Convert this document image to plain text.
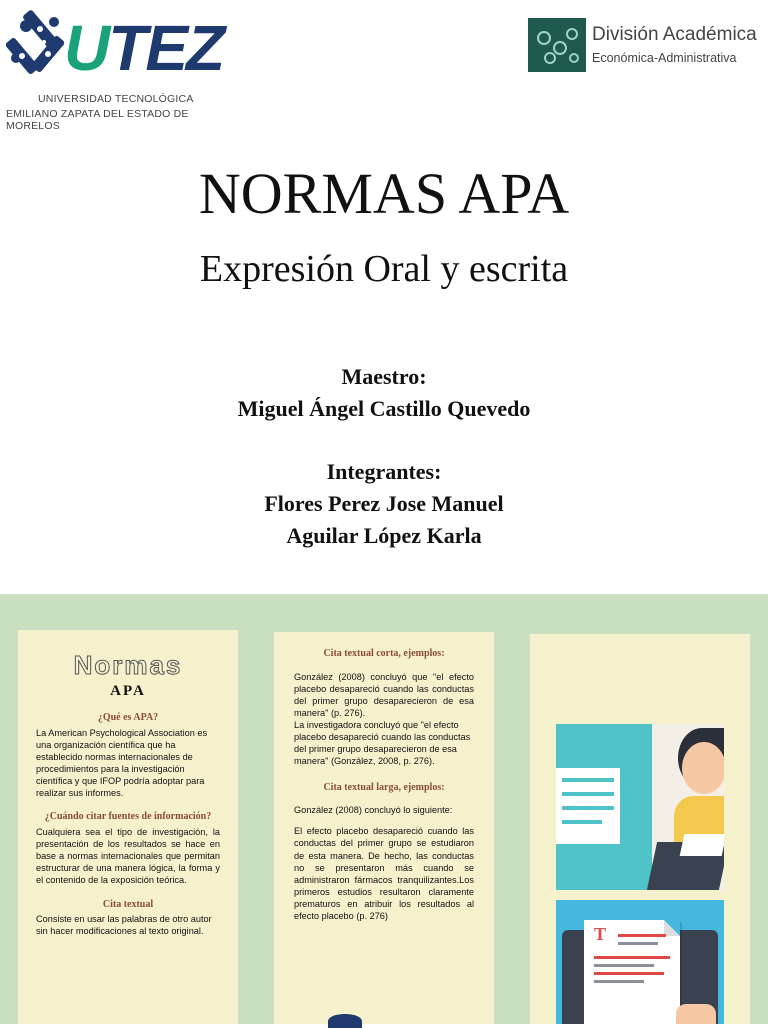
UTEZ
UNIVERSIDAD TECNOLÓGICA
EMILIANO ZAPATA DEL ESTADO DE MORELOS
División Académica
Económica-Administrativa
NORMAS APA
Expresión Oral y escrita
Maestro:
Miguel Ángel Castillo Quevedo
Integrantes:
Flores Perez Jose Manuel
Aguilar López Karla
Normas
APA
¿Qué es APA?
La American Psychological Association es una organización científica que ha establecido normas internacionales de procedimientos para la investigación científica y que IFOP podría adoptar para realizar sus informes.
¿Cuándo citar fuentes de información?
Cualquiera sea el tipo de investigación, la presentación de los resultados se hace en base a normas internacionales que permitan estructurar de una manera lógica, la forma y el contenido de la exposición teórica.
Cita textual
Consiste en usar las palabras de otro autor sin hacer modificaciones al texto original.
Cita textual corta, ejemplos:
González (2008) concluyó que "el efecto placebo desapareció cuando las conductas del primer grupo desaparecieron de esa manera" (p. 276).
La investigadora concluyó que "el efecto placebo desapareció cuando las conductas del primer grupo desaparecieron de esa manera" (González, 2008, p. 276).
Cita textual larga, ejemplos:
González (2008) concluyó lo siguiente:
El efecto placebo desapareció cuando las conductas del primer grupo se estudiaron de esta manera. De hecho, las conductas no se presentaron más cuando se administraron fármacos tranquilizantes.Los primeros estudios resultaron claramente prematuros en atribuir los resultados al efecto placebo (p. 276)
T
